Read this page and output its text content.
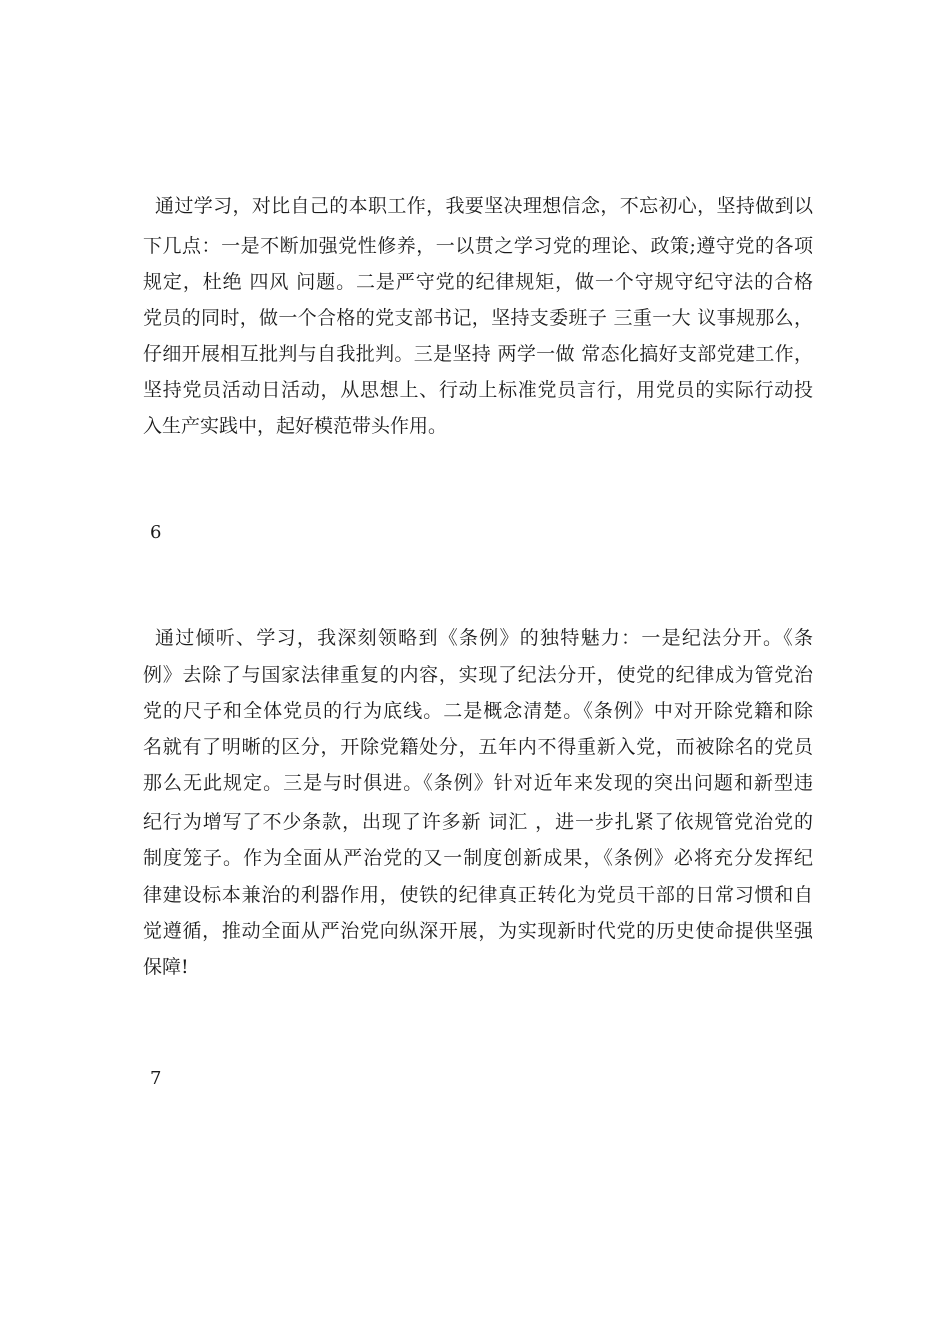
通过学习，对比自己的本职工作，我要坚决理想信念，不忘初心，坚持做到以
下几点：一是不断加强党性修养，一以贯之学习党的理论、政策;遵守党的各项
规定，杜绝 四风 问题。二是严守党的纪律规矩，做一个守规守纪守法的合格
党员的同时，做一个合格的党支部书记，坚持支委班子 三重一大 议事规那么，
仔细开展相互批判与自我批判。三是坚持 两学一做 常态化搞好支部党建工作，
坚持党员活动日活动，从思想上、行动上标准党员言行，用党员的实际行动投
入生产实践中，起好模范带头作用。
6
通过倾听、学习，我深刻领略到《条例》的独特魅力：一是纪法分开。《条
例》去除了与国家法律重复的内容，实现了纪法分开，使党的纪律成为管党治
党的尺子和全体党员的行为底线。二是概念清楚。《条例》中对开除党籍和除
名就有了明晰的区分，开除党籍处分，五年内不得重新入党，而被除名的党员
那么无此规定。三是与时俱进。《条例》针对近年来发现的突出问题和新型违
纪行为增写了不少条款，出现了许多新 词汇 ，进一步扎紧了依规管党治党的
制度笼子。作为全面从严治党的又一制度创新成果，《条例》必将充分发挥纪
律建设标本兼治的利器作用，使铁的纪律真正转化为党员干部的日常习惯和自
觉遵循，推动全面从严治党向纵深开展，为实现新时代党的历史使命提供坚强
保障!
7
